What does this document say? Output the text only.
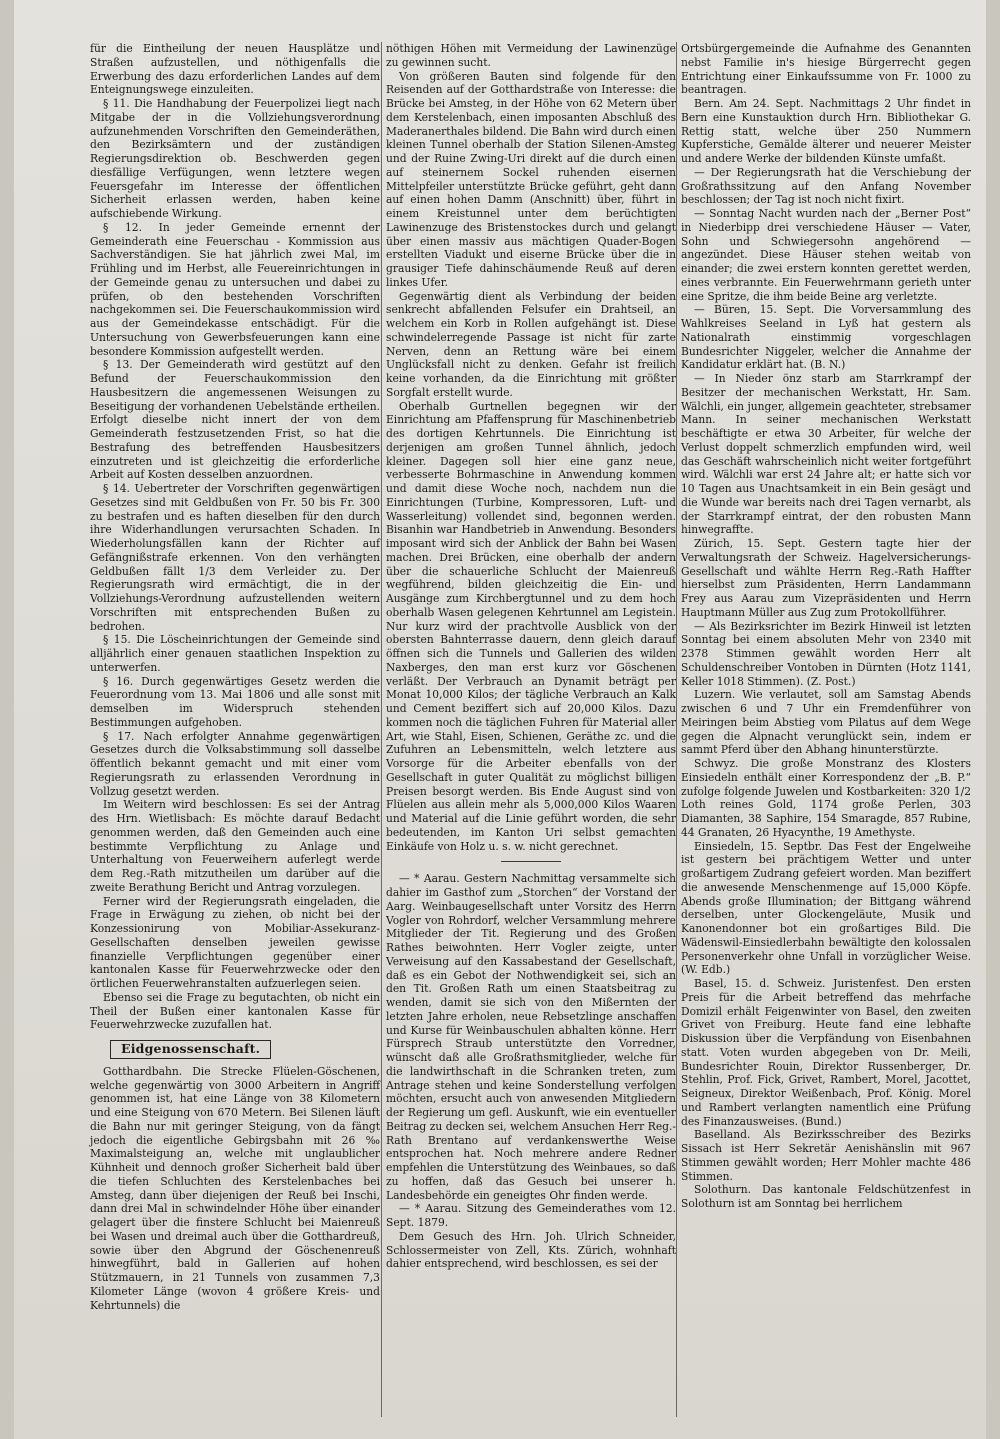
für die Eintheilung der neuen Hausplätze und Straßen aufzustellen, und nöthigenfalls die Erwerbung des dazu erforderlichen Landes auf dem Enteignungswege einzuleiten.

§ 11. Die Handhabung der Feuerpolizei liegt nach Mitgabe der in die Vollziehungsverordnung aufzunehmenden Vorschriften den Gemeinderäthen, den Bezirksämtern und der zuständigen Regierungsdirektion ob. Beschwerden gegen diesfällige Verfügungen, wenn letztere wegen Feuersgefahr im Interesse der öffentlichen Sicherheit erlassen werden, haben keine aufschiebende Wirkung.

§ 12. In jeder Gemeinde ernennt der Gemeinderath eine Feuerschau - Kommission aus Sachverständigen. Sie hat jährlich zwei Mal, im Frühling und im Herbst, alle Feuereinrichtungen in der Gemeinde genau zu untersuchen und dabei zu prüfen, ob den bestehenden Vorschriften nachgekommen sei. Die Feuerschaukommission wird aus der Gemeindekasse entschädigt. Für die Untersuchung von Gewerbsfeuerungen kann eine besondere Kommission aufgestellt werden.

§ 13. Der Gemeinderath wird gestützt auf den Befund der Feuerschaukommission den Hausbesitzern die angemessenen Weisungen zu Beseitigung der vorhandenen Uebelstände ertheilen. Erfolgt dieselbe nicht innert der von dem Gemeinderath festzusetzenden Frist, so hat die Bestrafung des betreffenden Hausbesitzers einzutreten und ist gleichzeitig die erforderliche Arbeit auf Kosten desselben anzuordnen.

§ 14. Uebertreter der Vorschriften gegenwärtigen Gesetzes sind mit Geldbußen von Fr. 50 bis Fr. 300 zu bestrafen und es haften dieselben für den durch ihre Widerhandlungen verursachten Schaden. In Wiederholungsfällen kann der Richter auf Gefängnißstrafe erkennen. Von den verhängten Geldbußen fällt 1/3 dem Verleider zu. Der Regierungsrath wird ermächtigt, die in der Vollziehungs-Verordnung aufzustellenden weitern Vorschriften mit entsprechenden Bußen zu bedrohen.

§ 15. Die Löscheinrichtungen der Gemeinde sind alljährlich einer genauen staatlichen Inspektion zu unterwerfen.

§ 16. Durch gegenwärtiges Gesetz werden die Feuerordnung vom 13. Mai 1806 und alle sonst mit demselben im Widerspruch stehenden Bestimmungen aufgehoben.

§ 17. Nach erfolgter Annahme gegenwärtigen Gesetzes durch die Volksabstimmung soll dasselbe öffentlich bekannt gemacht und mit einer vom Regierungsrath zu erlassenden Verordnung in Vollzug gesetzt werden.

Im Weitern wird beschlossen: Es sei der Antrag des Hrn. Wietlisbach: Es möchte darauf Bedacht genommen werden, daß den Gemeinden auch eine bestimmte Verpflichtung zu Anlage und Unterhaltung von Feuerweihern auferlegt werde dem Reg.-Rath mitzutheilen um darüber auf die zweite Berathung Bericht und Antrag vorzulegen.

Ferner wird der Regierungsrath eingeladen, die Frage in Erwägung zu ziehen, ob nicht bei der Konzessionirung von Mobiliar-Assekuranz-Gesellschaften denselben jeweilen gewisse finanzielle Verpflichtungen gegenüber einer kantonalen Kasse für Feuerwehrzwecke oder den örtlichen Feuerwehranstalten aufzuerlegen seien.

Ebenso sei die Frage zu begutachten, ob nicht ein Theil der Bußen einer kantonalen Kasse für Feuerwehrzwecke zuzufallen hat.

Eidgenossenschaft.

Gotthardbahn. Die Strecke Flüelen-Göschenen, welche gegenwärtig von 3000 Arbeitern in Angriff genommen ist, hat eine Länge von 38 Kilometern und eine Steigung von 670 Metern. Bei Silenen läuft die Bahn nur mit geringer Steigung, von da fängt jedoch die eigentliche Gebirgsbahn mit 26 ‰ Maximalsteigung an, welche mit unglaublicher Kühnheit und dennoch großer Sicherheit bald über die tiefen Schluchten des Kerstelenbaches bei Amsteg, dann über diejenigen der Reuß bei Inschi, dann drei Mal in schwindelnder Höhe über einander gelagert über die finstere Schlucht bei Maienreuß bei Wasen und dreimal auch über die Gotthardreuß, sowie über den Abgrund der Göschenenreuß hinwegführt, bald in Gallerien auf hohen Stützmauern, in 21 Tunnels von zusammen 7,3 Kilometer Länge (wovon 4 größere Kreis- und Kehrtunnels) die

nöthigen Höhen mit Vermeidung der Lawinenzüge zu gewinnen sucht.

Von größeren Bauten sind folgende für den Reisenden auf der Gotthardstraße von Interesse: die Brücke bei Amsteg, in der Höhe von 62 Metern über dem Kerstelenbach, einen imposanten Abschluß des Maderanerthales bildend. Die Bahn wird durch einen kleinen Tunnel oberhalb der Station Silenen-Amsteg und der Ruine Zwing-Uri direkt auf die durch einen auf steinernem Sockel ruhenden eisernen Mittelpfeiler unterstützte Brücke geführt, geht dann auf einen hohen Damm (Anschnitt) über, führt in einem Kreistunnel unter dem berüchtigten Lawinenzuge des Bristenstockes durch und gelangt über einen massiv aus mächtigen Quader-Bogen erstellten Viadukt und eiserne Brücke über die in grausiger Tiefe dahinschäumende Reuß auf deren linkes Ufer.

Gegenwärtig dient als Verbindung der beiden senkrecht abfallenden Felsufer ein Drahtseil, an welchem ein Korb in Rollen aufgehängt ist. Diese schwindelerregende Passage ist nicht für zarte Nerven, denn an Rettung wäre bei einem Unglücksfall nicht zu denken. Gefahr ist freilich keine vorhanden, da die Einrichtung mit größter Sorgfalt erstellt wurde.

Oberhalb Gurtnellen begegnen wir der Einrichtung am Pfaffensprung für Maschinenbetrieb des dortigen Kehrtunnels. Die Einrichtung ist derjenigen am großen Tunnel ähnlich, jedoch kleiner. Dagegen soll hier eine ganz neue, verbesserte Bohrmaschine in Anwendung kommen und damit diese Woche noch, nachdem nun die Einrichtungen (Turbine, Kompressoren, Luft- und Wasserleitung) vollendet sind, begonnen werden. Bisanhin war Handbetrieb in Anwendung. Besonders imposant wird sich der Anblick der Bahn bei Wasen machen. Drei Brücken, eine oberhalb der andern über die schauerliche Schlucht der Maienreuß wegführend, bilden gleichzeitig die Ein- und Ausgänge zum Kirchbergtunnel und zu dem hoch oberhalb Wasen gelegenen Kehrtunnel am Legistein. Nur kurz wird der prachtvolle Ausblick von der obersten Bahnterrasse dauern, denn gleich darauf öffnen sich die Tunnels und Gallerien des wilden Naxberges, den man erst kurz vor Göschenen verläßt. Der Verbrauch an Dynamit beträgt per Monat 10,000 Kilos; der tägliche Verbrauch an Kalk und Cement beziffert sich auf 20,000 Kilos. Dazu kommen noch die täglichen Fuhren für Material aller Art, wie Stahl, Eisen, Schienen, Geräthe zc. und die Zufuhren an Lebensmitteln, welch letztere aus Vorsorge für die Arbeiter ebenfalls von der Gesellschaft in guter Qualität zu möglichst billigen Preisen besorgt werden. Bis Ende August sind von Flüelen aus allein mehr als 5,000,000 Kilos Waaren und Material auf die Linie geführt worden, die sehr bedeutenden, im Kanton Uri selbst gemachten Einkäufe von Holz u. s. w. nicht gerechnet.

— * Aarau. Gestern Nachmittag versammelte sich dahier im Gasthof zum „Storchen“ der Vorstand der Aarg. Weinbaugesellschaft unter Vorsitz des Herrn Vogler von Rohrdorf, welcher Versammlung mehrere Mitglieder der Tit. Regierung und des Großen Rathes beiwohnten. Herr Vogler zeigte, unter Verweisung auf den Kassabestand der Gesellschaft, daß es ein Gebot der Nothwendigkeit sei, sich an den Tit. Großen Rath um einen Staatsbeitrag zu wenden, damit sie sich von den Mißernten der letzten Jahre erholen, neue Rebsetzlinge anschaffen und Kurse für Weinbauschulen abhalten könne. Herr Fürsprech Straub unterstützte den Vorredner, wünscht daß alle Großrathsmitglieder, welche für die landwirthschaft in die Schranken treten, zum Antrage stehen und keine Sonderstellung verfolgen möchten, ersucht auch von anwesenden Mitgliedern der Regierung um gefl. Auskunft, wie ein eventueller Beitrag zu decken sei, welchem Ansuchen Herr Reg.-Rath Brentano auf verdankenswerthe Weise entsprochen hat. Noch mehrere andere Redner empfehlen die Unterstützung des Weinbaues, so daß zu hoffen, daß das Gesuch bei unserer h. Landesbehörde ein geneigtes Ohr finden werde.

— * Aarau. Sitzung des Gemeinderathes vom 12. Sept. 1879.

Dem Gesuch des Hrn. Joh. Ulrich Schneider, Schlossermeister von Zell, Kts. Zürich, wohnhaft dahier entsprechend, wird beschlossen, es sei der

Ortsbürgergemeinde die Aufnahme des Genannten nebst Familie in's hiesige Bürgerrecht gegen Entrichtung einer Einkaufssumme von Fr. 1000 zu beantragen.

Bern. Am 24. Sept. Nachmittags 2 Uhr findet in Bern eine Kunstauktion durch Hrn. Bibliothekar G. Rettig statt, welche über 250 Nummern Kupferstiche, Gemälde älterer und neuerer Meister und andere Werke der bildenden Künste umfaßt.

— Der Regierungsrath hat die Verschiebung der Großrathssitzung auf den Anfang November beschlossen; der Tag ist noch nicht fixirt.

— Sonntag Nacht wurden nach der „Berner Post“ in Niederbipp drei verschiedene Häuser — Vater, Sohn und Schwiegersohn angehörend — angezündet. Diese Häuser stehen weitab von einander; die zwei erstern konnten gerettet werden, eines verbrannte. Ein Feuerwehrmann gerieth unter eine Spritze, die ihm beide Beine arg verletzte.

— Büren, 15. Sept. Die Vorversammlung des Wahlkreises Seeland in Lyß hat gestern als Nationalrath einstimmig vorgeschlagen Bundesrichter Niggeler, welcher die Annahme der Kandidatur erklärt hat. (B. N.)

— In Nieder önz starb am Starrkrampf der Besitzer der mechanischen Werkstatt, Hr. Sam. Wälchli, ein junger, allgemein geachteter, strebsamer Mann. In seiner mechanischen Werkstatt beschäftigte er etwa 30 Arbeiter, für welche der Verlust doppelt schmerzlich empfunden wird, weil das Geschäft wahrscheinlich nicht weiter fortgeführt wird. Wälchli war erst 24 Jahre alt; er hatte sich vor 10 Tagen aus Unachtsamkeit in ein Bein gesägt und die Wunde war bereits nach drei Tagen vernarbt, als der Starrkrampf eintrat, der den robusten Mann hinwegraffte.

Zürich, 15. Sept. Gestern tagte hier der Verwaltungsrath der Schweiz. Hagelversicherungs-Gesellschaft und wählte Herrn Reg.-Rath Haffter hierselbst zum Präsidenten, Herrn Landammann Frey aus Aarau zum Vizepräsidenten und Herrn Hauptmann Müller aus Zug zum Protokollführer.

— Als Bezirksrichter im Bezirk Hinweil ist letzten Sonntag bei einem absoluten Mehr von 2340 mit 2378 Stimmen gewählt worden Herr alt Schuldenschreiber Vontoben in Dürnten (Hotz 1141, Keller 1018 Stimmen). (Z. Post.)

Luzern. Wie verlautet, soll am Samstag Abends zwischen 6 und 7 Uhr ein Fremdenführer von Meiringen beim Abstieg vom Pilatus auf dem Wege gegen die Alpnacht verunglückt sein, indem er sammt Pferd über den Abhang hinunterstürzte.

Schwyz. Die große Monstranz des Klosters Einsiedeln enthält einer Korrespondenz der „B. P.“ zufolge folgende Juwelen und Kostbarkeiten: 320 1/2 Loth reines Gold, 1174 große Perlen, 303 Diamanten, 38 Saphire, 154 Smaragde, 857 Rubine, 44 Granaten, 26 Hyacynthe, 19 Amethyste.

Einsiedeln, 15. Septbr. Das Fest der Engelweihe ist gestern bei prächtigem Wetter und unter großartigem Zudrang gefeiert worden. Man beziffert die anwesende Menschenmenge auf 15,000 Köpfe. Abends große Illumination; der Bittgang während derselben, unter Glockengeläute, Musik und Kanonendonner bot ein großartiges Bild. Die Wädenswil-Einsiedlerbahn bewältigte den kolossalen Personenverkehr ohne Unfall in vorzüglicher Weise. (W. Edb.)

Basel, 15. d. Schweiz. Juristenfest. Den ersten Preis für die Arbeit betreffend das mehrfache Domizil erhält Feigenwinter von Basel, den zweiten Grivet von Freiburg. Heute fand eine lebhafte Diskussion über die Verpfändung von Eisenbahnen statt. Voten wurden abgegeben von Dr. Meili, Bundesrichter Rouin, Direktor Russenberger, Dr. Stehlin, Prof. Fick, Grivet, Rambert, Morel, Jacottet, Seigneux, Direktor Weißenbach, Prof. König. Morel und Rambert verlangten namentlich eine Prüfung des Finanzausweises. (Bund.)

Baselland. Als Bezirksschreiber des Bezirks Sissach ist Herr Sekretär Aenishänslin mit 967 Stimmen gewählt worden; Herr Mohler machte 486 Stimmen.

Solothurn. Das kantonale Feldschützenfest in Solothurn ist am Sonntag bei herrlichem
